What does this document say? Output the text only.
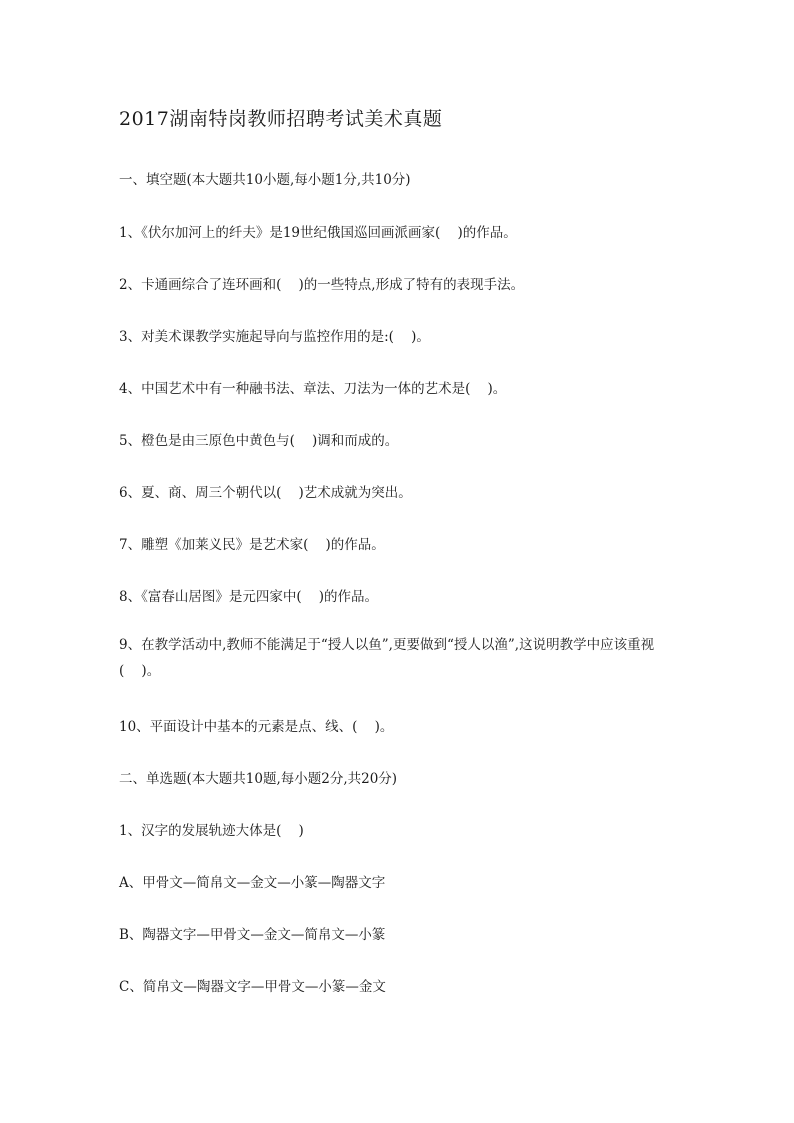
2017湖南特岗教师招聘考试美术真题
一、填空题(本大题共10小题,每小题1分,共10分)
1、《伏尔加河上的纤夫》是19世纪俄国巡回画派画家(    )的作品。
2、卡通画综合了连环画和(    )的一些特点,形成了特有的表现手法。
3、对美术课教学实施起导向与监控作用的是:(    )。
4、中国艺术中有一种融书法、章法、刀法为一体的艺术是(    )。
5、橙色是由三原色中黄色与(    )调和而成的。
6、夏、商、周三个朝代以(    )艺术成就为突出。
7、雕塑《加莱义民》是艺术家(    )的作品。
8、《富春山居图》是元四家中(    )的作品。
9、在教学活动中,教师不能满足于“授人以鱼”,更要做到“授人以渔”,这说明教学中应该重视(    )。
10、平面设计中基本的元素是点、线、(    )。
二、单选题(本大题共10题,每小题2分,共20分)
1、汉字的发展轨迹大体是(    )
A、甲骨文—简帛文—金文—小篆—陶器文字
B、陶器文字—甲骨文—金文—简帛文—小篆
C、简帛文—陶器文字—甲骨文—小篆—金文
